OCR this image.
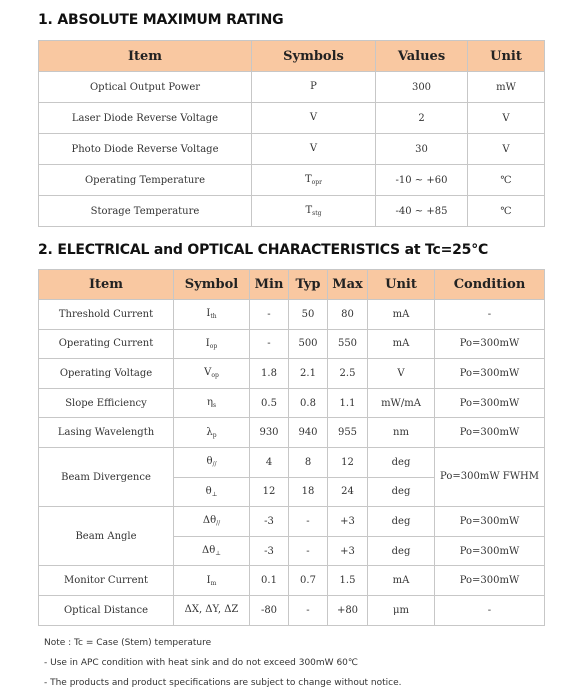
1. ABSOLUTE MAXIMUM RATING
Item	Symbols	Values	Unit
Optical Output Power	P	300	mW
Laser Diode Reverse Voltage	V	2	V
Photo Diode Reverse Voltage	V	30	V
Operating Temperature	$T_{opr}$	-10 ~ +60	℃
Storage Temperature	$T_{stg}$	-40 ~ +85	℃
2. ELECTRICAL and OPTICAL CHARACTERISTICS at Tc=25°C
Item	Symbol	Min	Typ	Max	Unit	Condition
Threshold Current	$I_{th}$	-	50	80	mA	-
Operating Current	$I_{op}$	-	500	550	mA	Po=300mW
Operating Voltage	$V_{op}$	1.8	2.1	2.5	V	Po=300mW
Slope Efficiency	$\eta_s$	0.5	0.8	1.1	mW/mA	Po=300mW
Lasing Wavelength	$\lambda_p$	930	940	955	nm	Po=300mW
Beam Divergence	$\theta_{//}$	4	8	12	deg	Po=300mW FWHM
	$\theta_\perp$	12	18	24	deg	
Beam Angle	$\Delta\theta_{//}$	-3	-	+3	deg	Po=300mW
	$\Delta\theta_\perp$	-3	-	+3	deg	Po=300mW
Monitor Current	$I_m$	0.1	0.7	1.5	mA	Po=300mW
Optical Distance	ΔX, ΔY, ΔZ	-80	-	+80	μm	-
Note : Tc = Case (Stem) temperature
- Use in APC condition with heat sink and do not exceed 300mW 60℃
- The products and product specifications are subject to change without notice.
